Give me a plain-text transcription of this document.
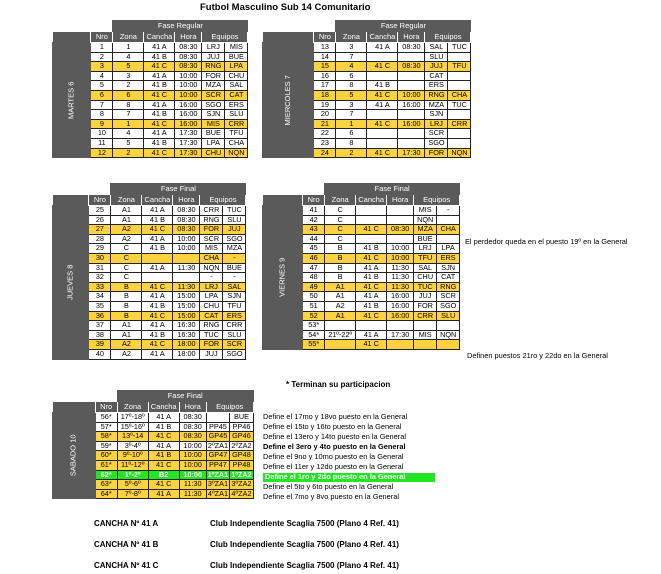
Futbol Masculino Sub 14 Comunitario
		Fase Regular				
	Nro	Zona	Cancha	Hora	Equipos	
MARTES 6	1	1	41 A	08:30	LRJ	MIS
	2	4	41 B	08:30	JUJ	BUE
	3	5	41 C	08:30	RNG	LPA
	4	3	41 A	10:00	FOR	CHU
	5	2	41 B	10:00	MZA	SAL
	6	6	41 C	10:00	SCR	CAT
	7	8	41 A	16:00	SGO	ERS
	8	7	41 B	16:00	SJN	SLU
	9	1	41 C	16:00	MIS	CRR
	10	4	41 A	17:30	BUE	TFU
	11	5	41 B	17:30	LPA	CHA
	12	2	41 C	17:30	CHU	NQN
		Fase Regular				
	Nro	Zona	Cancha	Hora	Equipos	
MIERCOLES 7	13	3	41 A	08:30	SAL	TUC
	14	7			SLU	
	15	4	41 C	08:30	JUJ	TFU
	16	6			CAT	
	17	8	41 B		ERS	
	18	5	41 C	10:00	RNG	CHA
	19	3	41 A	16:00	MZA	TUC
	20	7			SJN	
	21	1	41 C	16:00	LRJ	CRR
	22	6			SCR	
	23	8			SGO	
	24	2	41 C	17:30	FOR	NQN
		Fase Final				
	Nro	Zona	Cancha	Hora	Equipos	
JUEVES 8	25	A1	41 A	08:30	CRR	TUC
	26	A1	41 B	08:30	RNG	SLU
	27	A2	41 C	08:30	FOR	JUJ
	28	A2	41 A	10:00	SCR	SGO
	29	C	41 B	10:00	MIS	MZA
	30	C			CHA	-
	31	C	41 A	11:30	NQN	BUE
	32	C			-	-
	33	B	41 C	11:30	LRJ	SAL
	34	B	41 A	15:00	LPA	SJN
	35	B	41 B	15:00	CHU	TFU
	36	B	41 C	15:00	CAT	ERS
	37	A1	41 A	16:30	RNG	CRR
	38	A1	41 B	16:30	TUC	SLU
	39	A2	41 C	18:00	FOR	SCR
	40	A2	41 A	18:00	JUJ	SGO
		Fase Final				
	Nro	Zona	Cancha	Hora	Equipos	
VIERNES 9	41	C			MIS	-
	42	C			NQN	
	43	C	41 C	08:30	MZA	CHA
	44	C			BUE	
	45	B	41 B	10:00	LRJ	LPA
	46	B	41 C	10:00	TFU	ERS
	47	B	41 A	11:30	SAL	SJN
	48	B	41 B	11:30	CHU	CAT
	49	A1	41 C	11:30	TUC	RNG
	50	A1	41 A	16:00	JUJ	SCR
	51	A2	41 B	16:00	FOR	SGO
	52	A1	41 C	16:00	CRR	SLU
	53*					
	54*	21º-22º	41 A	17:30	MIS	NQN
	55*		41 C			
		Fase Final				
	Nro	Zona	Cancha	Hora	Equipos	
SABADO 10	56*	17º-18º	41 A	08:30		BUE
	57*	15º-16º	41 B	08:30	PP45	PP46
	58*	13º-14	41 C	08:30	GP45	GP46
	59*	3º-4º	41 A	10:00	2ºZA1	2ºZA2
	60*	9º-10º	41 B	10:00	GP47	GP48
	61*	11º-12º	41 C	10:00	PP47	PP48
	62*	1º-2º	B2	10:00	1ºZA1	1ºZA2
	63*	5º-6º	41 C	11:30	3ºZA1	3ºZA2
	64*	7º-8º	41 A	11:30	4ºZA1	4ºZA2
El perdedor queda en el puesto 19º en la General
Definen puestos 21ro y 22do en la General
* Terminan su participacion
Define el 17mo y 18vo puesto en la General
Define el 15to y 16to puesto en la General
Define el 13ero y 14to puesto en la General
Define el 3ero y 4to puesto en la General
Define el 9no y 10mo puesto en la General
Define el 11er y 12do puesto en la General
Define el 1ro y 2do puesto en la General
Define el 5to y 6to puesto en la General
Define el 7mo y 8vo puesto en la General
CANCHA Nº 41 A	Club Independiente Scaglia 7500 (Plano 4 Ref. 41)
CANCHA Nº 41 B	Club Independiente Scaglia 7500 (Plano 4 Ref. 41)
CANCHA Nº 41 C	Club Independiente Scaglia 7500 (Plano 4 Ref. 41)
